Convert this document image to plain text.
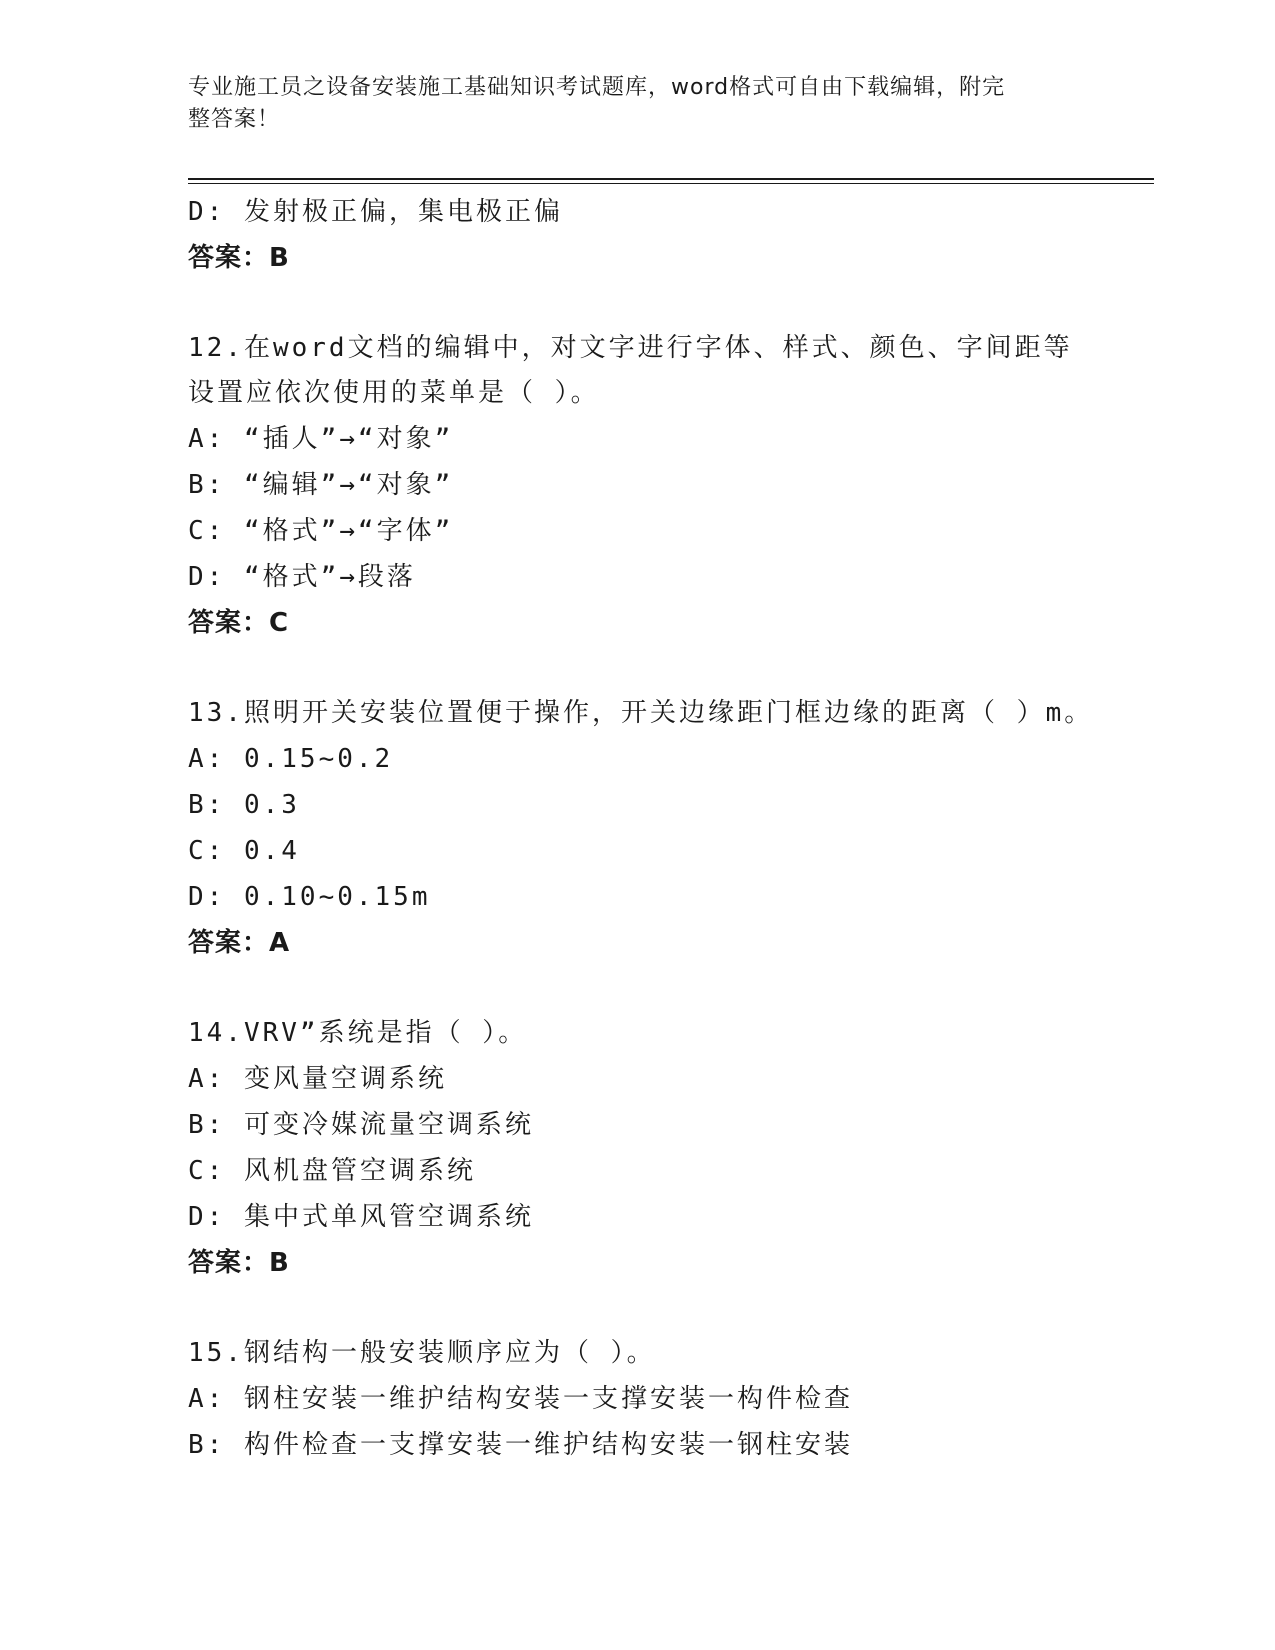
专业施工员之设备安装施工基础知识考试题库，word格式可自由下载编辑，附完
整答案！
D: 发射极正偏，集电极正偏
答案：B
12.在word文档的编辑中，对文字进行字体、样式、颜色、字间距等
设置应依次使用的菜单是（ ）。
A: “插人”→“对象”
B: “编辑”→“对象”
C: “格式”→“字体”
D: “格式”→段落
答案：C
13.照明开关安装位置便于操作，开关边缘距门框边缘的距离（ ）m。
A: 0.15~0.2
B: 0.3
C: 0.4
D: 0.10~0.15m
答案：A
14.VRV”系统是指（ ）。
A: 变风量空调系统
B: 可变冷媒流量空调系统
C: 风机盘管空调系统
D: 集中式单风管空调系统
答案：B
15.钢结构一般安装顺序应为（ ）。
A: 钢柱安装一维护结构安装一支撑安装一构件检查
B: 构件检查一支撑安装一维护结构安装一钢柱安装
